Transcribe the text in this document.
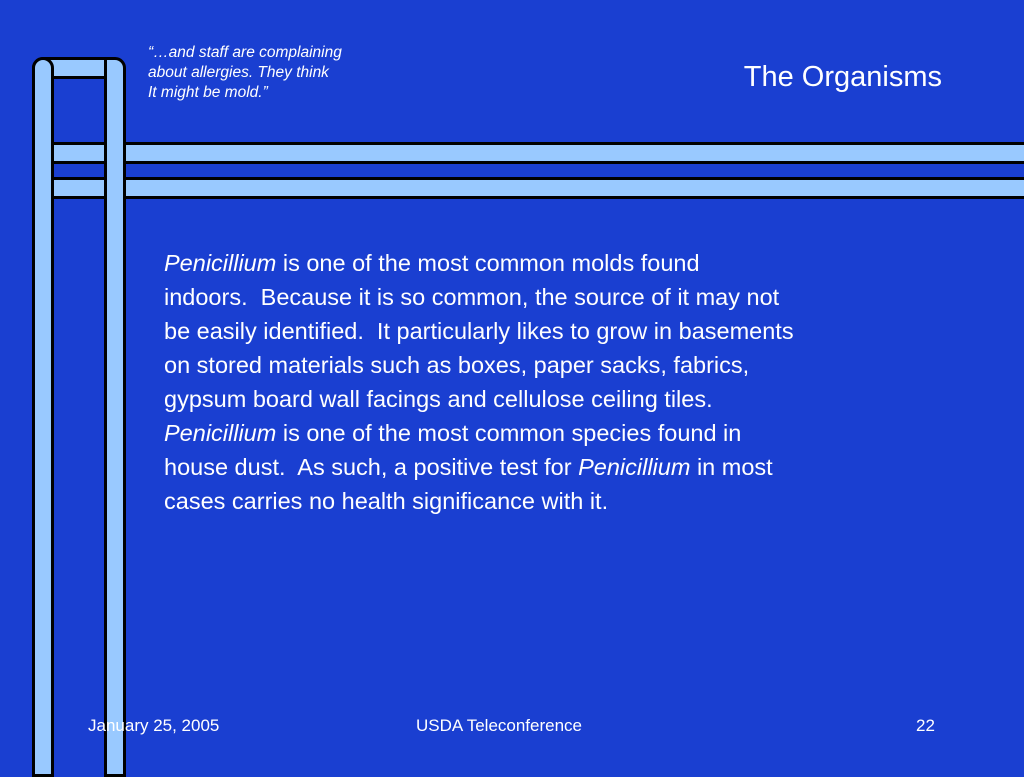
“…and staff are complaining
about allergies. They think
It might be mold.”	The Organisms
Penicillium is one of the most common molds found
indoors.  Because it is so common, the source of it may not
be easily identified.  It particularly likes to grow in basements
on stored materials such as boxes, paper sacks, fabrics,
gypsum board wall facings and cellulose ceiling tiles.
Penicillium is one of the most common species found in
house dust.  As such, a positive test for Penicillium in most
cases carries no health significance with it.
January 25, 2005	USDA Teleconference	22
